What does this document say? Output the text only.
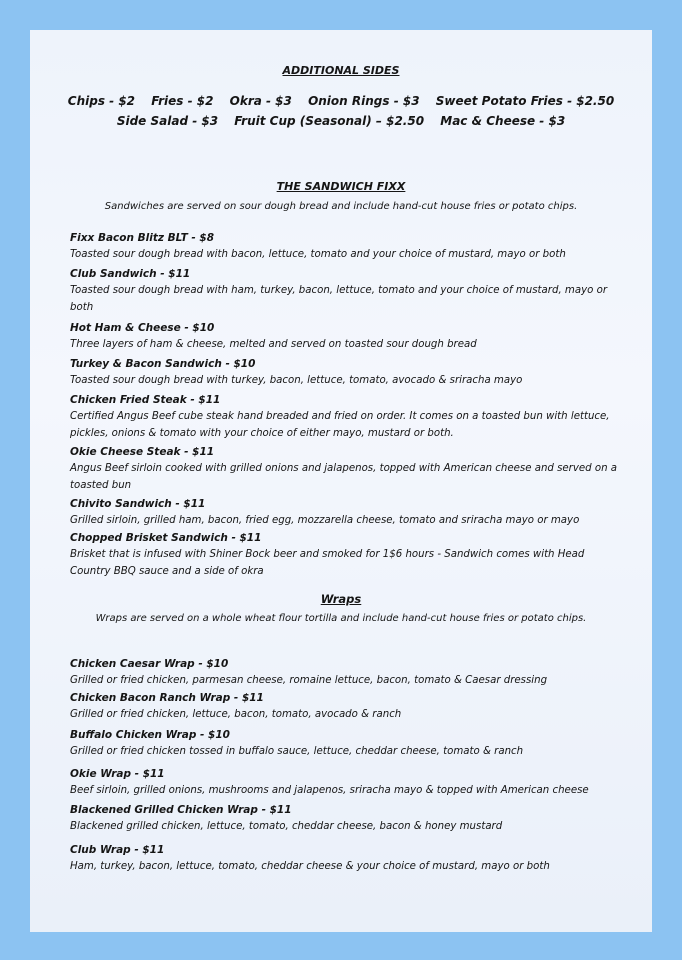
ADDITIONAL SIDES
Chips - $2 Fries - $2 Okra - $3 Onion Rings - $3 Sweet Potato Fries - $2.50
Side Salad - $3 Fruit Cup (Seasonal) – $2.50 Mac & Cheese - $3
THE SANDWICH FIXX
Sandwiches are served on sour dough bread and include hand-cut house fries or potato chips.
Fixx Bacon Blitz BLT - $8
Toasted sour dough bread with bacon, lettuce, tomato and your choice of mustard, mayo or both
Club Sandwich - $11
Toasted sour dough bread with ham, turkey, bacon, lettuce, tomato and your choice of mustard, mayo or both
Hot Ham & Cheese - $10
Three layers of ham & cheese, melted and served on toasted sour dough bread
Turkey & Bacon Sandwich - $10
Toasted sour dough bread with turkey, bacon, lettuce, tomato, avocado & sriracha mayo
Chicken Fried Steak - $11
Certified Angus Beef cube steak hand breaded and fried on order. It comes on a toasted bun with lettuce, pickles, onions & tomato with your choice of either mayo, mustard or both.
Okie Cheese Steak - $11
Angus Beef sirloin cooked with grilled onions and jalapenos, topped with American cheese and served on a toasted bun
Chivito Sandwich - $11
Grilled sirloin, grilled ham, bacon, fried egg, mozzarella cheese, tomato and sriracha mayo or mayo
Chopped Brisket Sandwich - $11
Brisket that is infused with Shiner Bock beer and smoked for 1$6 hours - Sandwich comes with Head Country BBQ sauce and a side of okra
Wraps
Wraps are served on a whole wheat flour tortilla and include hand-cut house fries or potato chips.
Chicken Caesar Wrap - $10
Grilled or fried chicken, parmesan cheese, romaine lettuce, bacon, tomato & Caesar dressing
Chicken Bacon Ranch Wrap - $11
Grilled or fried chicken, lettuce, bacon, tomato, avocado & ranch
Buffalo Chicken Wrap - $10
Grilled or fried chicken tossed in buffalo sauce, lettuce, cheddar cheese, tomato & ranch
Okie Wrap - $11
Beef sirloin, grilled onions, mushrooms and jalapenos, sriracha mayo & topped with American cheese
Blackened Grilled Chicken Wrap - $11
Blackened grilled chicken, lettuce, tomato, cheddar cheese, bacon & honey mustard
Club Wrap - $11
Ham, turkey, bacon, lettuce, tomato, cheddar cheese & your choice of mustard, mayo or both
